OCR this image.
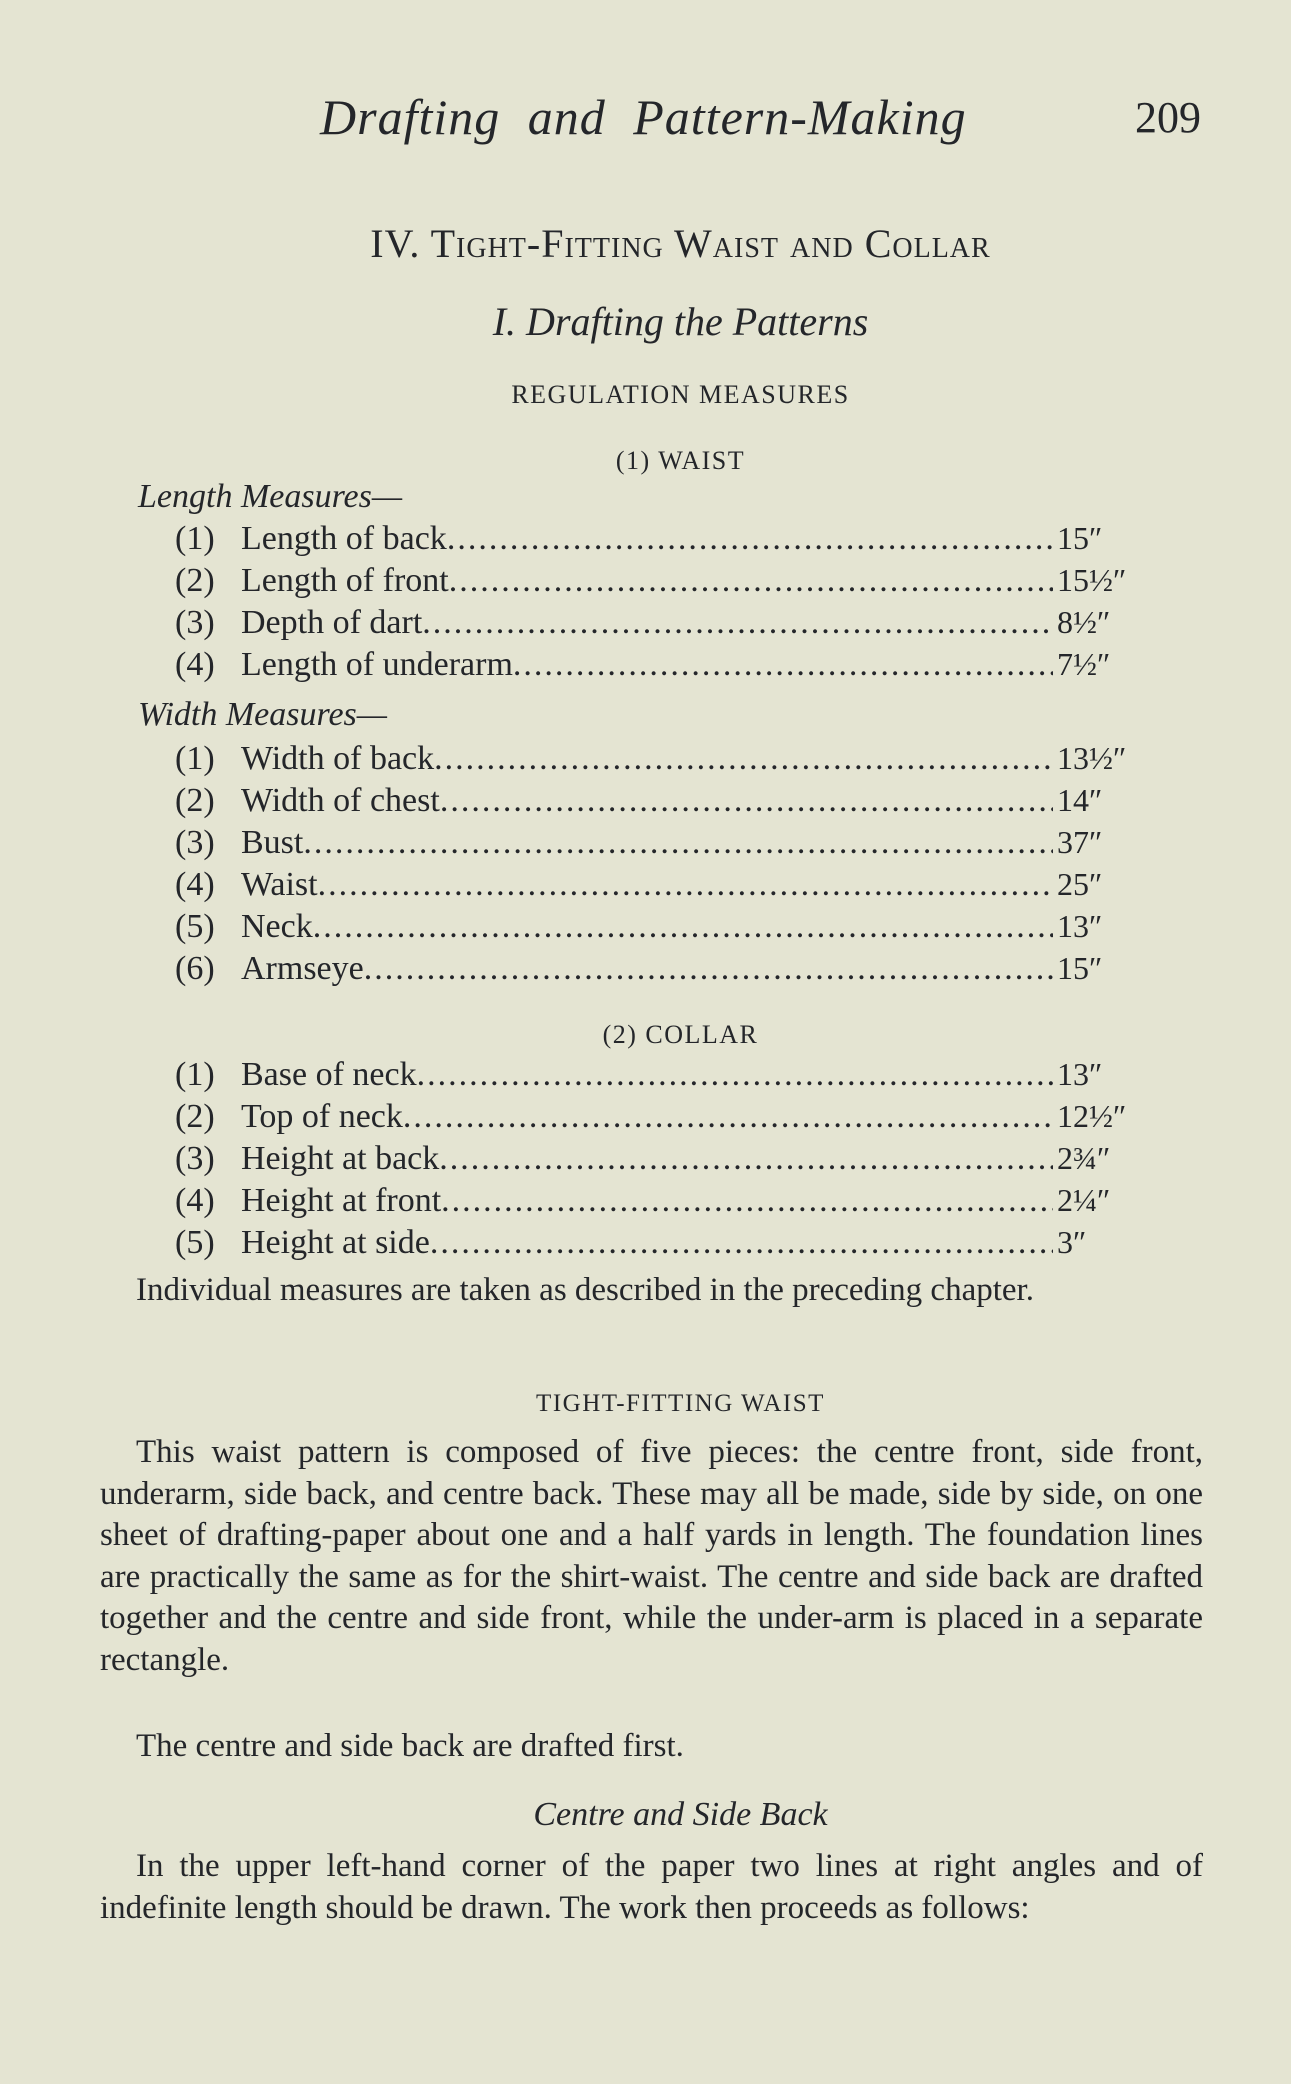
Drafting and Pattern-Making	209
IV. Tight-Fitting Waist and Collar
I. Drafting the Patterns
REGULATION MEASURES
(1) WAIST
Length Measures—
(1) Length of back .....	15″
(2) Length of front .....	15½″
(3) Depth of dart .....	8½″
(4) Length of underarm .....	7½″
Width Measures—
(1) Width of back .....	13½″
(2) Width of chest .....	14″
(3) Bust .....	37″
(4) Waist .....	25″
(5) Neck .....	13″
(6) Armseye .....	15″
(2) COLLAR
(1) Base of neck .....	13″
(2) Top of neck .....	12½″
(3) Height at back .....	2¾″
(4) Height at front .....	2¼″
(5) Height at side .....	3″

Individual measures are taken as described in the preceding chapter.

TIGHT-FITTING WAIST

This waist pattern is composed of five pieces: the centre front, side front, underarm, side back, and centre back. These may all be made, side by side, on one sheet of drafting-paper about one and a half yards in length. The foundation lines are practically the same as for the shirt-waist. The centre and side back are drafted together and the centre and side front, while the under-arm is placed in a separate rectangle.

The centre and side back are drafted first.

Centre and Side Back

In the upper left-hand corner of the paper two lines at right angles and of indefinite length should be drawn. The work then proceeds as follows:
